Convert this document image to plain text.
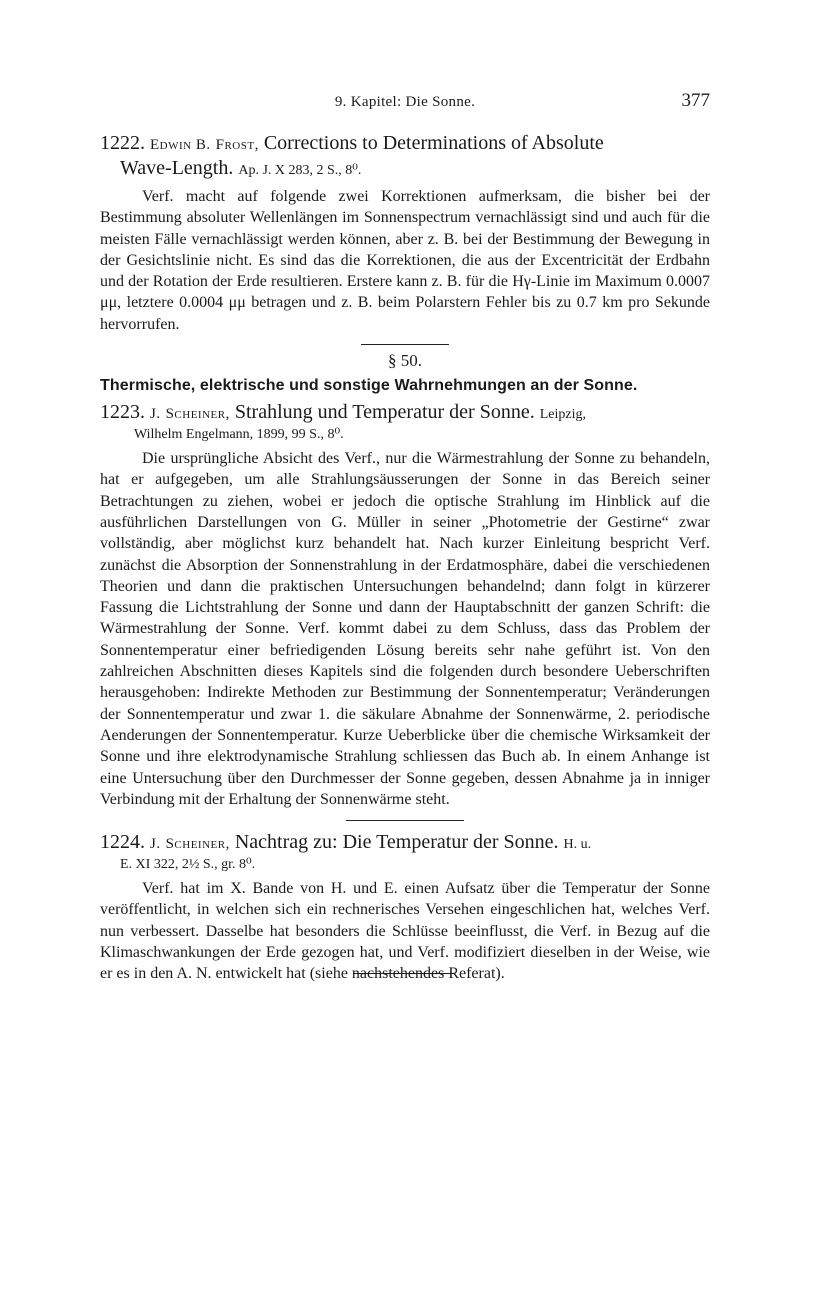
9. Kapitel: Die Sonne.	377
1222. Edwin B. Frost, Corrections to Determinations of Absolute
Wave-Length. Ap. J. X 283, 2 S., 8⁰.

Verf. macht auf folgende zwei Korrektionen aufmerksam, die bisher bei der Bestimmung absoluter Wellenlängen im Sonnenspectrum vernachlässigt sind und auch für die meisten Fälle vernachlässigt werden können, aber z. B. bei der Bestimmung der Bewegung in der Gesichtslinie nicht. Es sind das die Korrektionen, die aus der Excentricität der Erdbahn und der Rotation der Erde resultieren. Erstere kann z. B. für die Hγ-Linie im Maximum 0.0007 μμ, letztere 0.0004 μμ betragen und z. B. beim Polarstern Fehler bis zu 0.7 km pro Sekunde hervorrufen.

§ 50.
Thermische, elektrische und sonstige Wahrnehmungen an der Sonne.
1223. J. Scheiner, Strahlung und Temperatur der Sonne. Leipzig,
Wilhelm Engelmann, 1899, 99 S., 8⁰.

Die ursprüngliche Absicht des Verf., nur die Wärmestrahlung der Sonne zu behandeln, hat er aufgegeben, um alle Strahlungsäusserungen der Sonne in das Bereich seiner Betrachtungen zu ziehen, wobei er jedoch die optische Strahlung im Hinblick auf die ausführlichen Darstellungen von G. Müller in seiner „Photometrie der Gestirne“ zwar vollständig, aber möglichst kurz behandelt hat. Nach kurzer Einleitung bespricht Verf. zunächst die Absorption der Sonnenstrahlung in der Erdatmosphäre, dabei die verschiedenen Theorien und dann die praktischen Untersuchungen behandelnd; dann folgt in kürzerer Fassung die Lichtstrahlung der Sonne und dann der Hauptabschnitt der ganzen Schrift: die Wärmestrahlung der Sonne. Verf. kommt dabei zu dem Schluss, dass das Problem der Sonnentemperatur einer befriedigenden Lösung bereits sehr nahe geführt ist. Von den zahlreichen Abschnitten dieses Kapitels sind die folgenden durch besondere Ueberschriften herausgehoben: Indirekte Methoden zur Bestimmung der Sonnentemperatur; Veränderungen der Sonnentemperatur und zwar 1. die säkulare Abnahme der Sonnenwärme, 2. periodische Aenderungen der Sonnentemperatur. Kurze Ueberblicke über die chemische Wirksamkeit der Sonne und ihre elektrodynamische Strahlung schliessen das Buch ab. In einem Anhange ist eine Untersuchung über den Durchmesser der Sonne gegeben, dessen Abnahme ja in inniger Verbindung mit der Erhaltung der Sonnenwärme steht.

1224. J. Scheiner, Nachtrag zu: Die Temperatur der Sonne. H. u.
E. XI 322, 2½ S., gr. 8⁰.

Verf. hat im X. Bande von H. und E. einen Aufsatz über die Temperatur der Sonne veröffentlicht, in welchen sich ein rechnerisches Versehen eingeschlichen hat, welches Verf. nun verbessert. Dasselbe hat besonders die Schlüsse beeinflusst, die Verf. in Bezug auf die Klimaschwankungen der Erde gezogen hat, und Verf. modifiziert dieselben in der Weise, wie er es in den A. N. entwickelt hat (siehe nachstehendes Referat).
